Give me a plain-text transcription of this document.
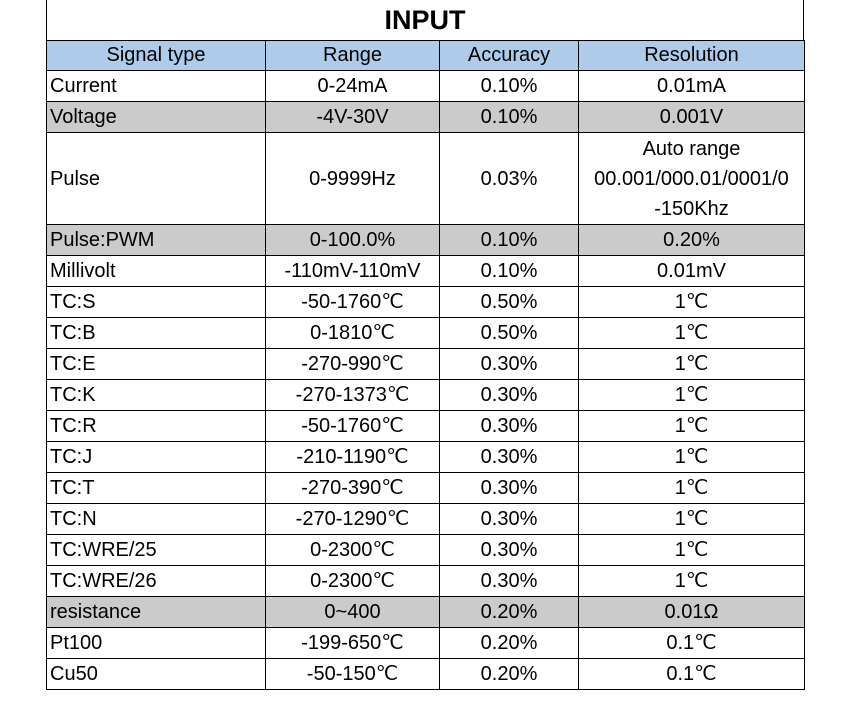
INPUT
Signal type	Range	Accuracy	Resolution
Current	0-24mA	0.10%	0.01mA
Voltage	-4V-30V	0.10%	0.001V
Pulse	0-9999Hz	0.03%	Auto range
00.001/000.01/0001/0
-150Khz

Pulse:PWM	0-100.0%	0.10%	0.20%
Millivolt	-110mV-110mV	0.10%	0.01mV
TC:S	-50-1760℃	0.50%	1℃
TC:B	0-1810℃	0.50%	1℃
TC:E	-270-990℃	0.30%	1℃
TC:K	-270-1373℃	0.30%	1℃
TC:R	-50-1760℃	0.30%	1℃
TC:J	-210-1190℃	0.30%	1℃
TC:T	-270-390℃	0.30%	1℃
TC:N	-270-1290℃	0.30%	1℃
TC:WRE/25	0-2300℃	0.30%	1℃
TC:WRE/26	0-2300℃	0.30%	1℃
resistance	0~400	0.20%	0.01Ω
Pt100	-199-650℃	0.20%	0.1℃
Cu50	-50-150℃	0.20%	0.1℃
